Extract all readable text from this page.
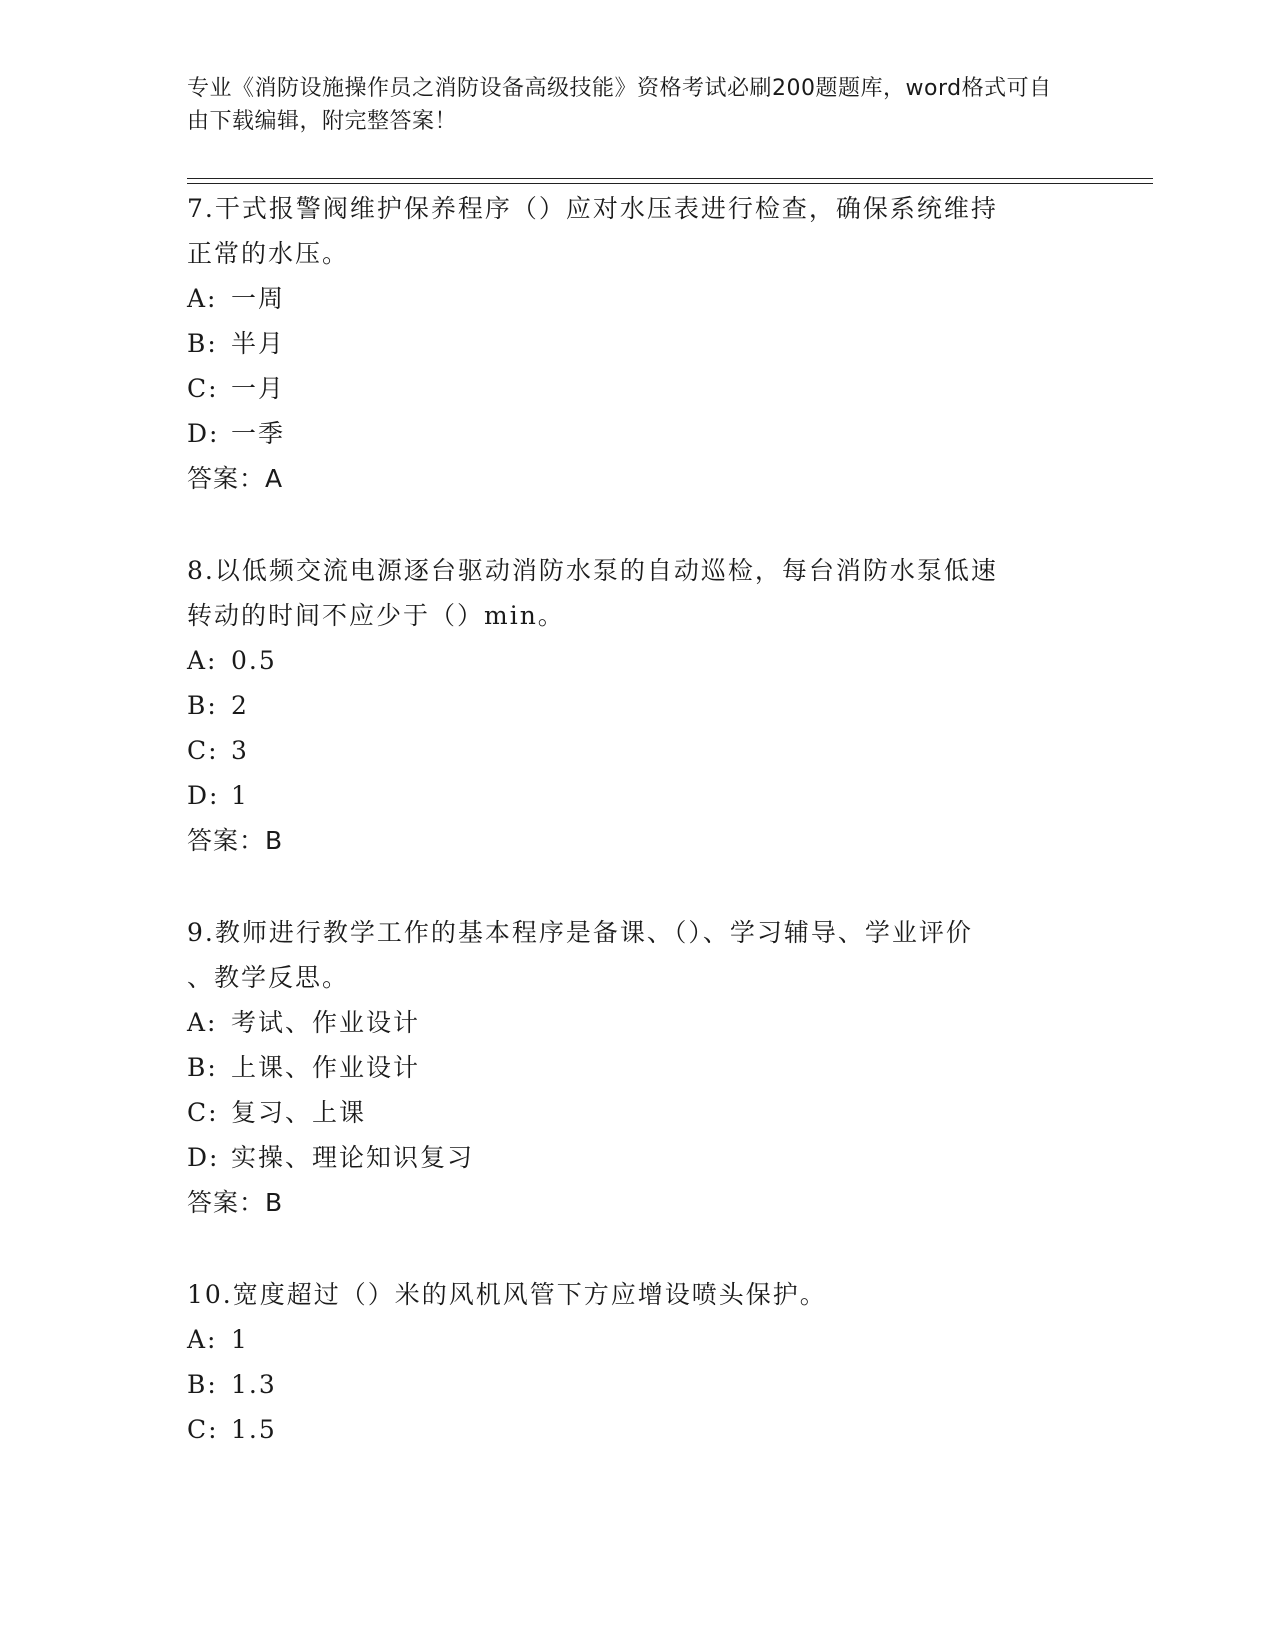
专业《消防设施操作员之消防设备高级技能》资格考试必刷200题题库，word格式可自由下载编辑，附完整答案！

7.干式报警阀维护保养程序（）应对水压表进行检查，确保系统维持

正常的水压。

A: 一周

B: 半月

C: 一月

D: 一季

答案：A

8.以低频交流电源逐台驱动消防水泵的自动巡检，每台消防水泵低速

转动的时间不应少于（）min。

A: 0.5

B: 2

C: 3

D: 1

答案：B

9.教师进行教学工作的基本程序是备课、（）、学习辅导、学业评价

、教学反思。

A: 考试、作业设计

B: 上课、作业设计

C: 复习、上课

D: 实操、理论知识复习

答案：B

10.宽度超过（）米的风机风管下方应增设喷头保护。

A: 1

B: 1.3

C: 1.5
